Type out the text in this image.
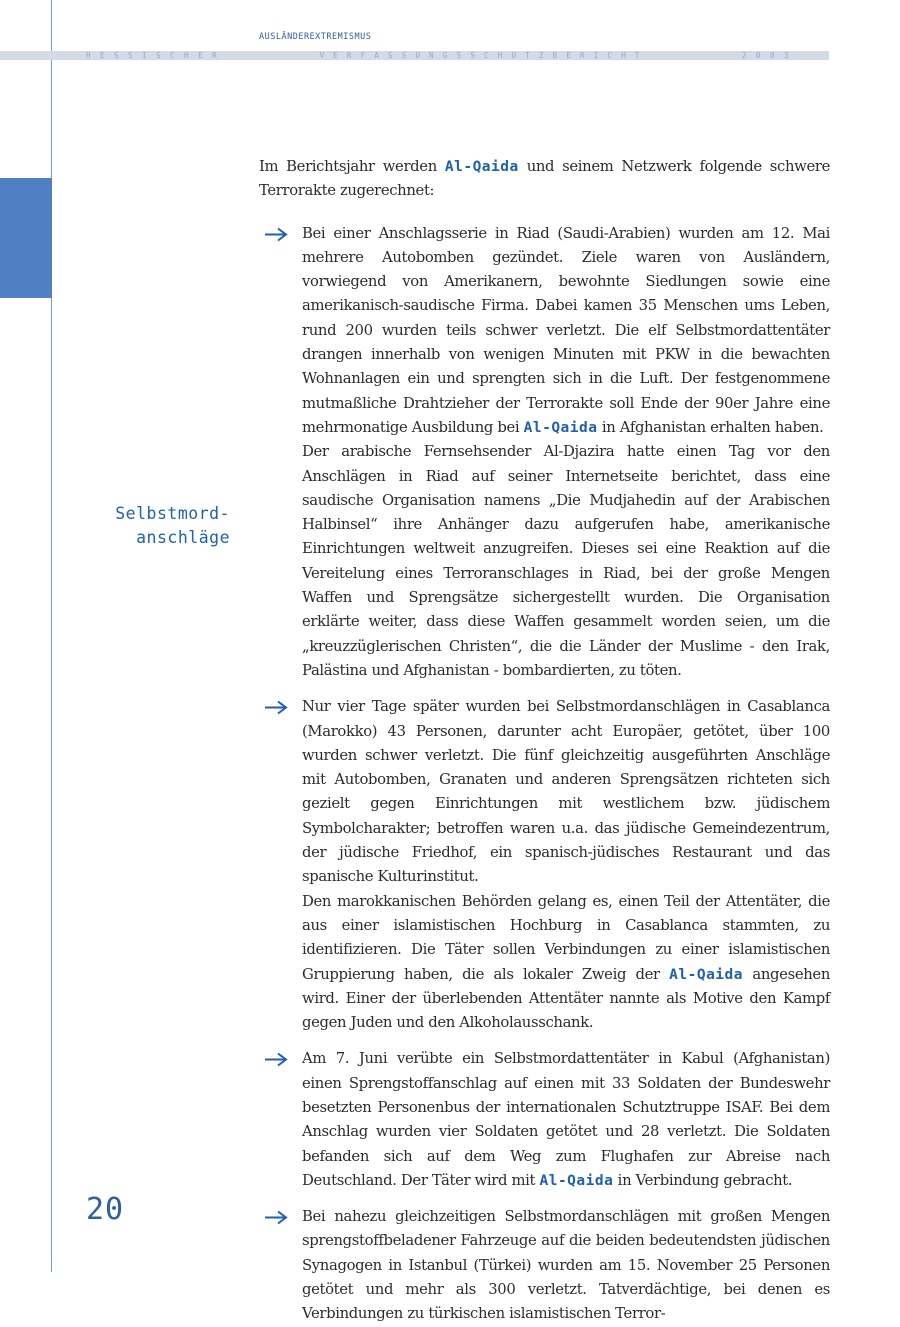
AUSLÄNDEREXTREMISMUS
HESSISCHER	VERFASSUNGSSCHUTZBERICHT	2003
Selbstmord-
anschläge

Im Berichtsjahr werden Al-Qaida und seinem Netzwerk folgende schwere Terrorakte zugerechnet:

Bei einer Anschlagsserie in Riad (Saudi-Arabien) wurden am 12. Mai mehrere Autobomben gezündet. Ziele waren von Ausländern, vorwiegend von Amerikanern, bewohnte Siedlungen sowie eine amerikanisch-saudische Firma. Dabei kamen 35 Menschen ums Leben, rund 200 wurden teils schwer verletzt. Die elf Selbstmordattentäter drangen innerhalb von wenigen Minuten mit PKW in die bewachten Wohnanlagen ein und sprengten sich in die Luft. Der festgenommene mutmaßliche Drahtzieher der Terrorakte soll Ende der 90er Jahre eine mehrmonatige Ausbildung bei Al-Qaida in Afghanistan erhalten haben.

Der arabische Fernsehsender Al-Djazira hatte einen Tag vor den Anschlägen in Riad auf seiner Internetseite berichtet, dass eine saudische Organisation namens „Die Mudjahedin auf der Arabischen Halbinsel“ ihre Anhänger dazu aufgerufen habe, amerikanische Einrichtungen weltweit anzugreifen. Dieses sei eine Reaktion auf die Vereitelung eines Terroranschlages in Riad, bei der große Mengen Waffen und Sprengsätze sichergestellt wurden. Die Organisation erklärte weiter, dass diese Waffen gesammelt worden seien, um die „kreuzzüglerischen Christen“, die die Länder der Muslime - den Irak, Palästina und Afghanistan - bombardierten, zu töten.

Nur vier Tage später wurden bei Selbstmordanschlägen in Casablanca (Marokko) 43 Personen, darunter acht Europäer, getötet, über 100 wurden schwer verletzt. Die fünf gleichzeitig ausgeführten Anschläge mit Autobomben, Granaten und anderen Sprengsätzen richteten sich gezielt gegen Einrichtungen mit westlichem bzw. jüdischem Symbolcharakter; betroffen waren u.a. das jüdische Gemeindezentrum, der jüdische Friedhof, ein spanisch-jüdisches Restaurant und das spanische Kulturinstitut.

Den marokkanischen Behörden gelang es, einen Teil der Attentäter, die aus einer islamistischen Hochburg in Casablanca stammten, zu identifizieren. Die Täter sollen Verbindungen zu einer islamistischen Gruppierung haben, die als lokaler Zweig der Al-Qaida angesehen wird. Einer der überlebenden Attentäter nannte als Motive den Kampf gegen Juden und den Alkoholausschank.

Am 7. Juni verübte ein Selbstmordattentäter in Kabul (Afghanistan) einen Sprengstoffanschlag auf einen mit 33 Soldaten der Bundeswehr besetzten Personenbus der internationalen Schutztruppe ISAF. Bei dem Anschlag wurden vier Soldaten getötet und 28 verletzt. Die Soldaten befanden sich auf dem Weg zum Flughafen zur Abreise nach Deutschland. Der Täter wird mit Al-Qaida in Verbindung gebracht.

Bei nahezu gleichzeitigen Selbstmordanschlägen mit großen Mengen sprengstoffbeladener Fahrzeuge auf die beiden bedeutendsten jüdischen Synagogen in Istanbul (Türkei) wurden am 15. November 25 Personen getötet und mehr als 300 verletzt. Tatverdächtige, bei denen es Verbindungen zu türkischen islamistischen Terror-

20
